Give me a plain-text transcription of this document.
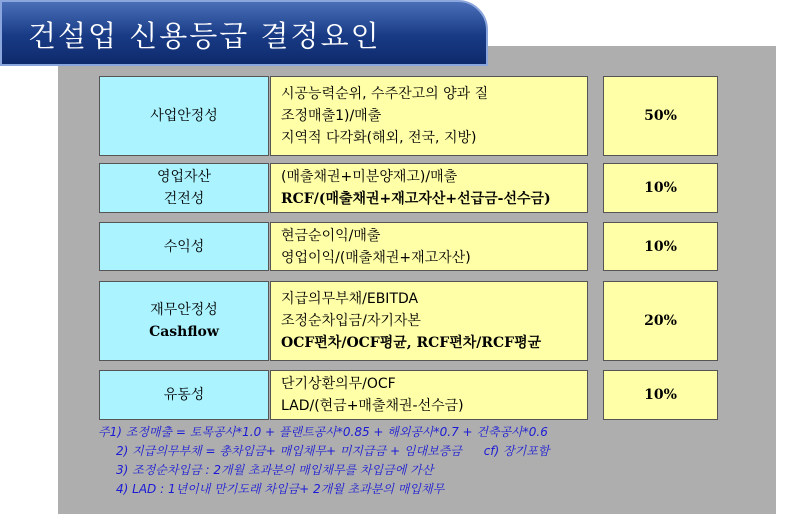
건설업 신용등급 결정요인
사업안정성
시공능력순위, 수주잔고의 양과 질
조정매출1)/매출
지역적 다각화(해외, 전국, 지방)
50%
영업자산
건전성
(매출채권+미분양재고)/매출
RCF/(매출채권+재고자산+선급금-선수금)
10%
수익성
현금순이익/매출
영업이익/(매출채권+재고자산)
10%
재무안정성
Cashflow
지급의무부채/EBITDA
조정순차입금/자기자본
OCF편차/OCF평균, RCF편차/RCF평균
20%
유동성
단기상환의무/OCF
LAD/(현금+매출채권-선수금)
10%
주1) 조정매출 = 토목공사*1.0 + 플랜트공사*0.85 + 해외공사*0.7 + 건축공사*0.6
2) 지급의무부채 = 총차입금+ 매입채무+ 미지급금 + 임대보증금 cf) 장기포함
3) 조정순차입금 : 2개월 초과분의 매입채무를 차입금에 가산
4) LAD : 1년이내 만기도래 차입금+ 2개월 초과분의 매입채무
